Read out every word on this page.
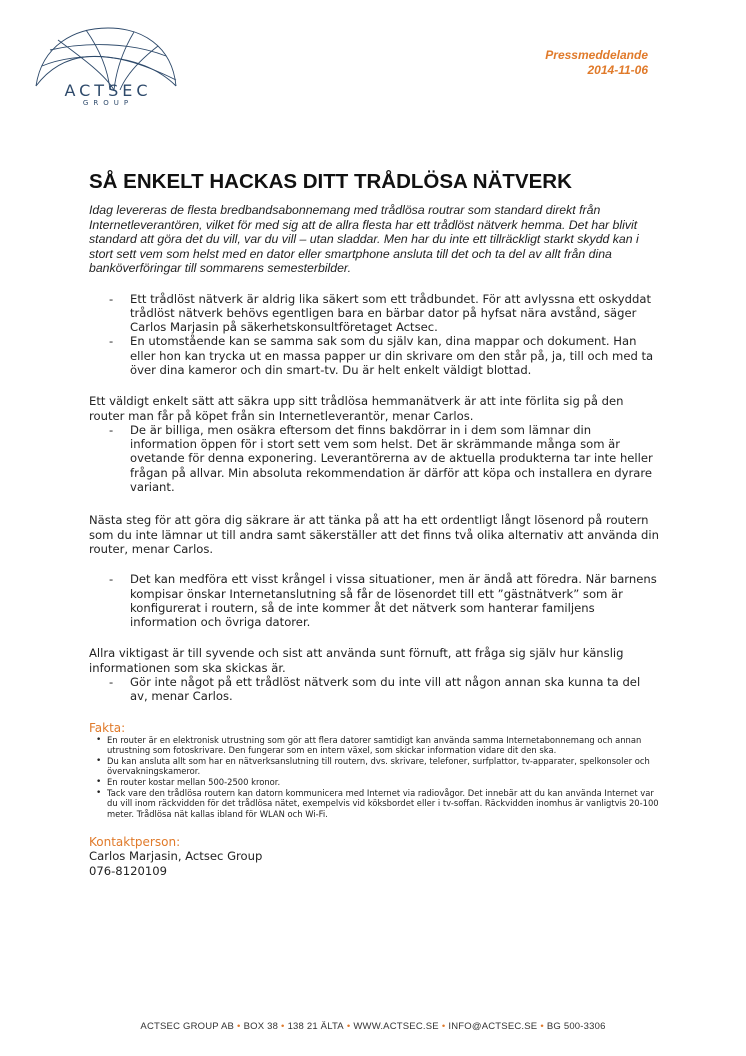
ACTSEC
GROUP
Pressmeddelande
2014-11-06
SÅ ENKELT HACKAS DITT TRÅDLÖSA NÄTVERK

Idag levereras de flesta bredbandsabonnemang med trådlösa routrar som standard direkt från Internetleverantören, vilket för med sig att de allra flesta har ett trådlöst nätverk hemma. Det har blivit standard att göra det du vill, var du vill – utan sladdar. Men har du inte ett tillräckligt starkt skydd kan i stort sett vem som helst med en dator eller smartphone ansluta till det och ta del av allt från dina banköverföringar till sommarens semesterbilder.

- Ett trådlöst nätverk är aldrig lika säkert som ett trådbundet. För att avlyssna ett oskyddat trådlöst nätverk behövs egentligen bara en bärbar dator på hyfsat nära avstånd, säger Carlos Marjasin på säkerhetskonsultföretaget Actsec.
- En utomstående kan se samma sak som du själv kan, dina mappar och dokument. Han eller hon kan trycka ut en massa papper ur din skrivare om den står på, ja, till och med ta över dina kameror och din smart-tv. Du är helt enkelt väldigt blottad.

Ett väldigt enkelt sätt att säkra upp sitt trådlösa hemmanätverk är att inte förlita sig på den router man får på köpet från sin Internetleverantör, menar Carlos.

- De är billiga, men osäkra eftersom det finns bakdörrar in i dem som lämnar din information öppen för i stort sett vem som helst. Det är skrämmande många som är ovetande för denna exponering. Leverantörerna av de aktuella produkterna tar inte heller frågan på allvar. Min absoluta rekommendation är därför att köpa och installera en dyrare variant.

Nästa steg för att göra dig säkrare är att tänka på att ha ett ordentligt långt lösenord på routern som du inte lämnar ut till andra samt säkerställer att det finns två olika alternativ att använda din router, menar Carlos.

- Det kan medföra ett visst krångel i vissa situationer, men är ändå att föredra. När barnens kompisar önskar Internetanslutning så får de lösenordet till ett ”gästnätverk” som är konfigurerat i routern, så de inte kommer åt det nätverk som hanterar familjens information och övriga datorer.

Allra viktigast är till syvende och sist att använda sunt förnuft, att fråga sig själv hur känslig informationen som ska skickas är.

- Gör inte något på ett trådlöst nätverk som du inte vill att någon annan ska kunna ta del av, menar Carlos.
Fakta:
• En router är en elektronisk utrustning som gör att flera datorer samtidigt kan använda samma Internetabonnemang och annan utrustning som fotoskrivare. Den fungerar som en intern växel, som skickar information vidare dit den ska.
• Du kan ansluta allt som har en nätverksanslutning till routern, dvs. skrivare, telefoner, surfplattor, tv-apparater, spelkonsoler och övervakningskameror.
• En router kostar mellan 500-2500 kronor.
• Tack vare den trådlösa routern kan datorn kommunicera med Internet via radiovågor. Det innebär att du kan använda Internet var du vill inom räckvidden för det trådlösa nätet, exempelvis vid köksbordet eller i tv-soffan. Räckvidden inomhus är vanligtvis 20-100 meter. Trådlösa nät kallas ibland för WLAN och Wi-Fi.
Kontaktperson:
Carlos Marjasin, Actsec Group
076-8120109
ACTSEC GROUP AB • BOX 38 • 138 21 ÄLTA • WWW.ACTSEC.SE • INFO@ACTSEC.SE • BG 500-3306
